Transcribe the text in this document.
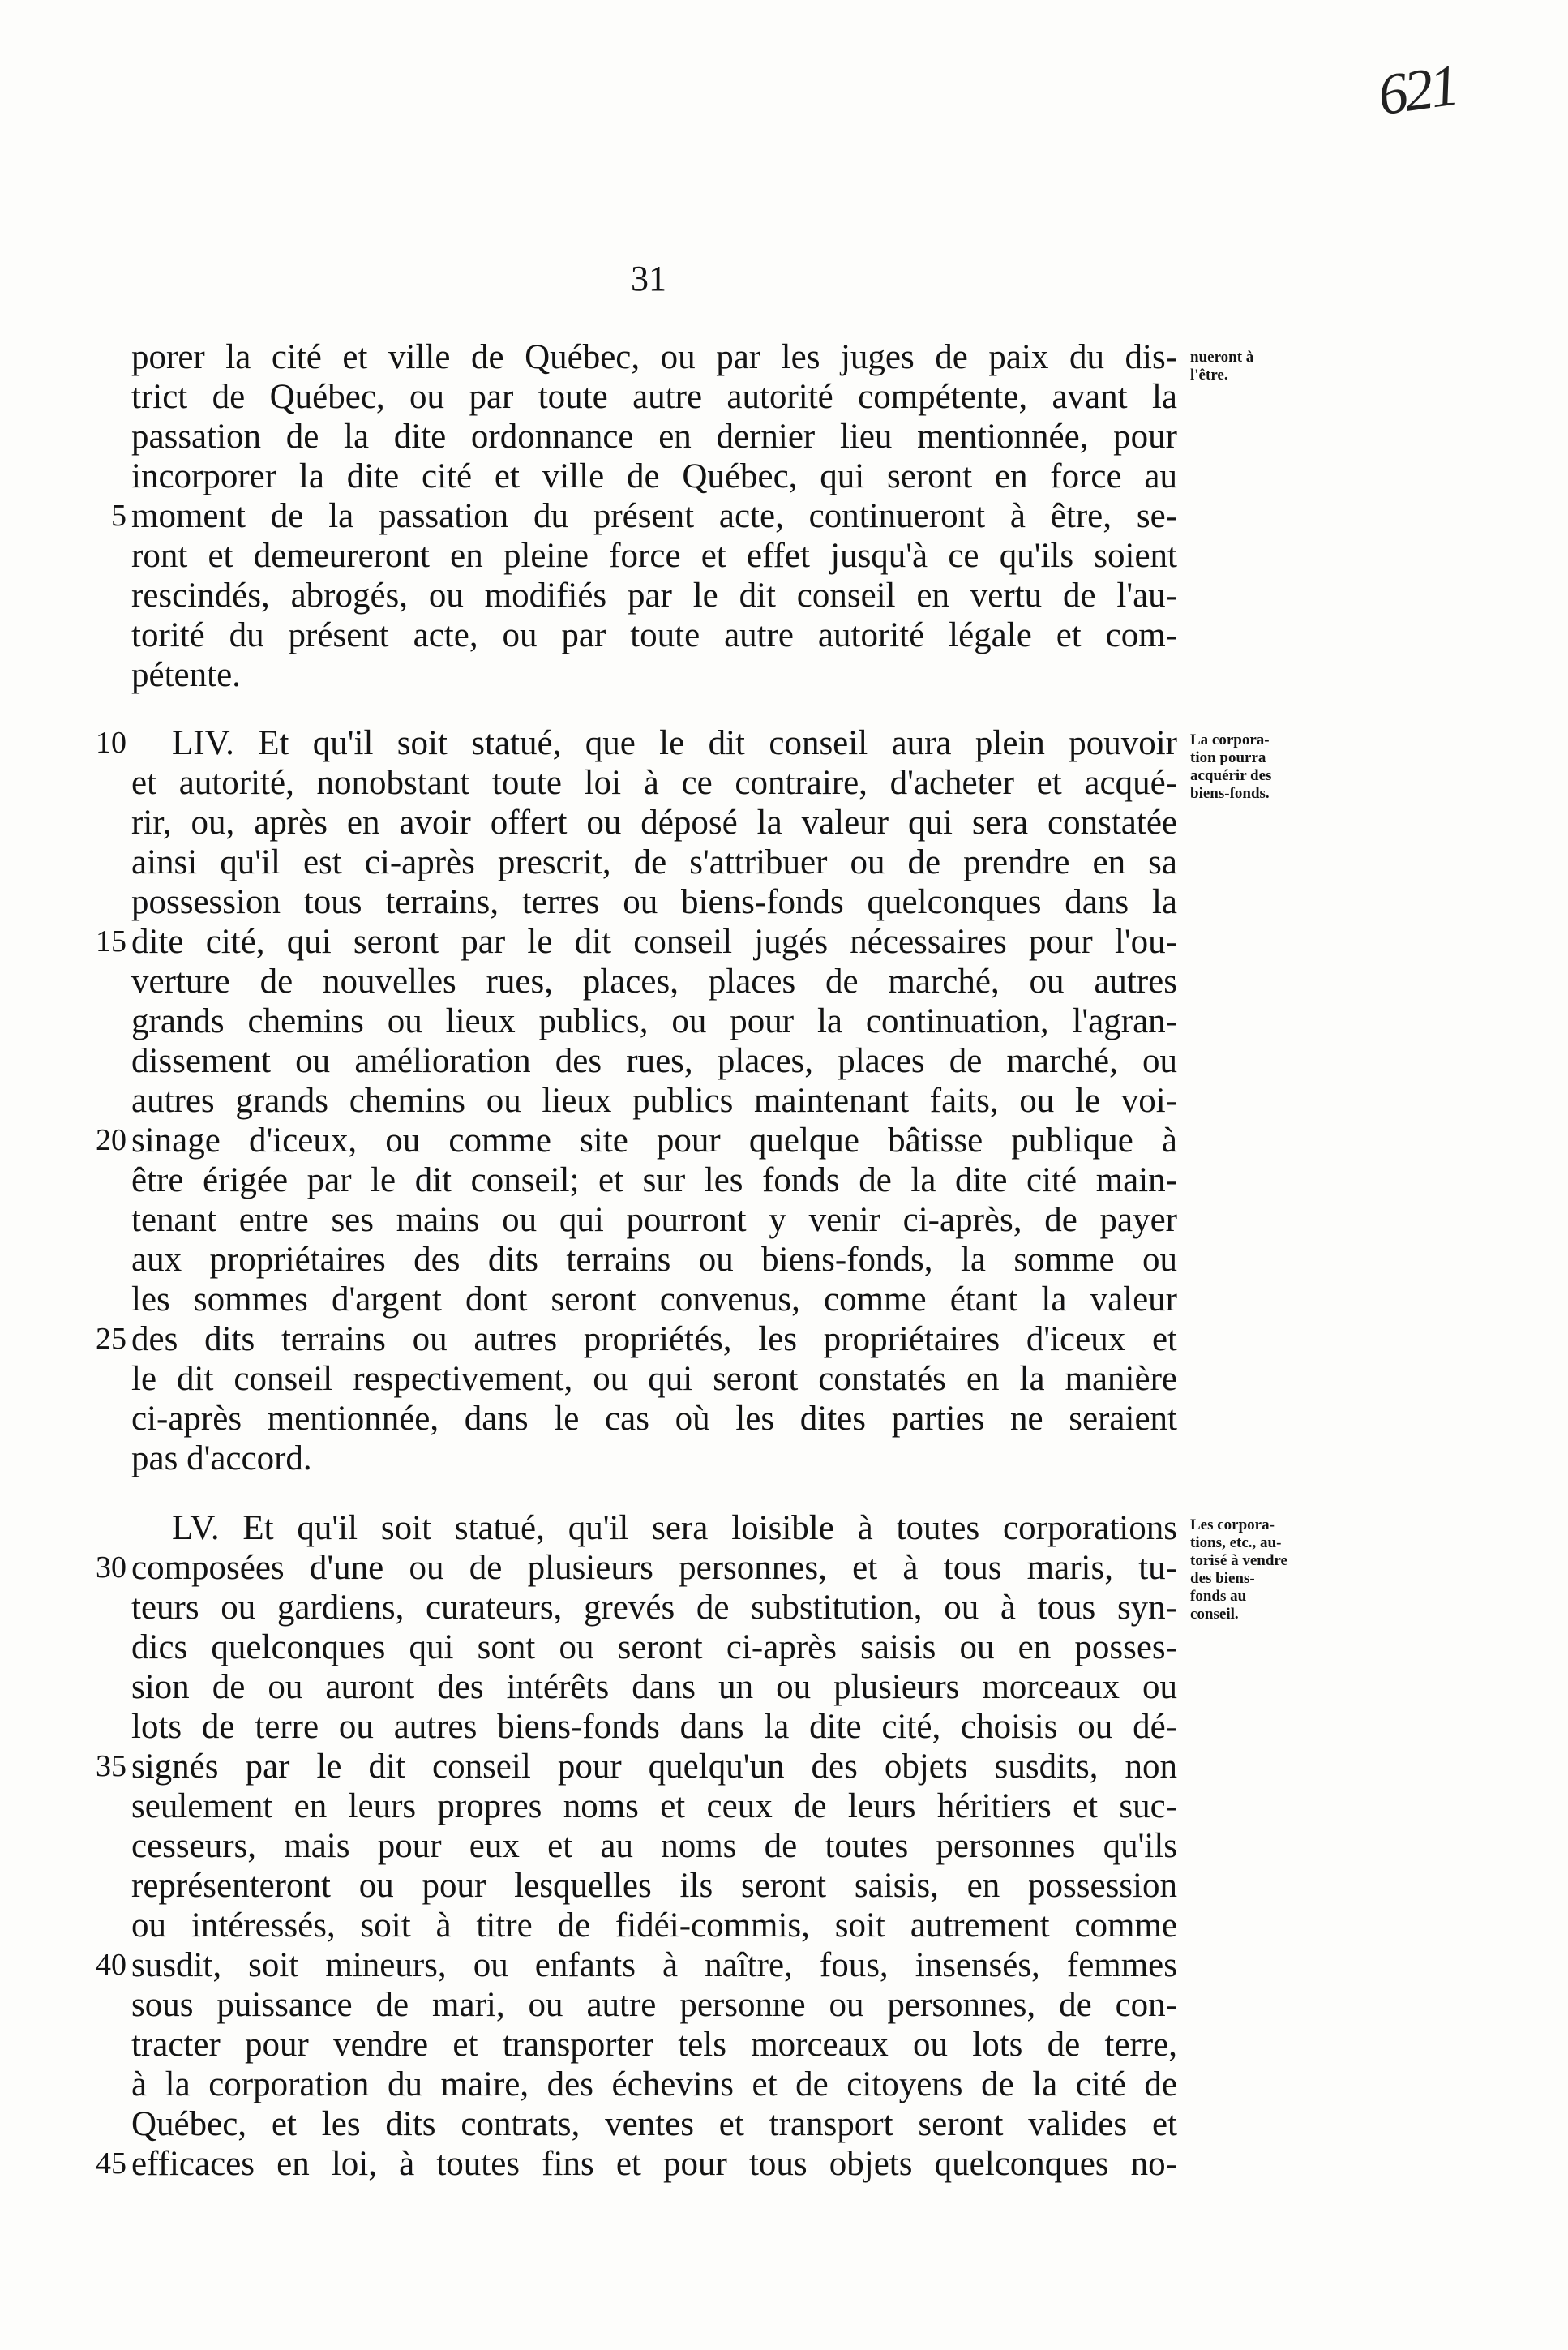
621
31
porer la cité et ville de Québec, ou par les juges de paix du dis-
trict de Québec, ou par toute autre autorité compétente, avant la
passation de la dite ordonnance en dernier lieu mentionnée, pour
incorporer la dite cité et ville de Québec, qui seront en force au
moment de la passation du présent acte, continueront à être, se-
ront et demeureront en pleine force et effet jusqu'à ce qu'ils soient
rescindés, abrogés, ou modifiés par le dit conseil en vertu de l'au-
torité du présent acte, ou par toute autre autorité légale et com-
pétente.
LIV. Et qu'il soit statué, que le dit conseil aura plein pouvoir
et autorité, nonobstant toute loi à ce contraire, d'acheter et acqué-
rir, ou, après en avoir offert ou déposé la valeur qui sera constatée
ainsi qu'il est ci-après prescrit, de s'attribuer ou de prendre en sa
possession tous terrains, terres ou biens-fonds quelconques dans la
dite cité, qui seront par le dit conseil jugés nécessaires pour l'ou-
verture de nouvelles rues, places, places de marché, ou autres
grands chemins ou lieux publics, ou pour la continuation, l'agran-
dissement ou amélioration des rues, places, places de marché, ou
autres grands chemins ou lieux publics maintenant faits, ou le voi-
sinage d'iceux, ou comme site pour quelque bâtisse publique à
être érigée par le dit conseil; et sur les fonds de la dite cité main-
tenant entre ses mains ou qui pourront y venir ci-après, de payer
aux propriétaires des dits terrains ou biens-fonds, la somme ou
les sommes d'argent dont seront convenus, comme étant la valeur
des dits terrains ou autres propriétés, les propriétaires d'iceux et
le dit conseil respectivement, ou qui seront constatés en la manière
ci-après mentionnée, dans le cas où les dites parties ne seraient
pas d'accord.
LV. Et qu'il soit statué, qu'il sera loisible à toutes corporations
composées d'une ou de plusieurs personnes, et à tous maris, tu-
teurs ou gardiens, curateurs, grevés de substitution, ou à tous syn-
dics quelconques qui sont ou seront ci-après saisis ou en posses-
sion de ou auront des intérêts dans un ou plusieurs morceaux ou
lots de terre ou autres biens-fonds dans la dite cité, choisis ou dé-
signés par le dit conseil pour quelqu'un des objets susdits, non
seulement en leurs propres noms et ceux de leurs héritiers et suc-
cesseurs, mais pour eux et au noms de toutes personnes qu'ils
représenteront ou pour lesquelles ils seront saisis, en possession
ou intéressés, soit à titre de fidéi-commis, soit autrement comme
susdit, soit mineurs, ou enfants à naître, fous, insensés, femmes
sous puissance de mari, ou autre personne ou personnes, de con-
tracter pour vendre et transporter tels morceaux ou lots de terre,
à la corporation du maire, des échevins et de citoyens de la cité de
Québec, et les dits contrats, ventes et transport seront valides et
efficaces en loi, à toutes fins et pour tous objets quelconques no-
5
10
15
20
25
30
35
40
45
nueront à
l'être.
La corpora-
tion pourra
acquérir des
biens-fonds.
Les corpora-
tions, etc., au-
torisé à vendre
des biens-
fonds au
conseil.
